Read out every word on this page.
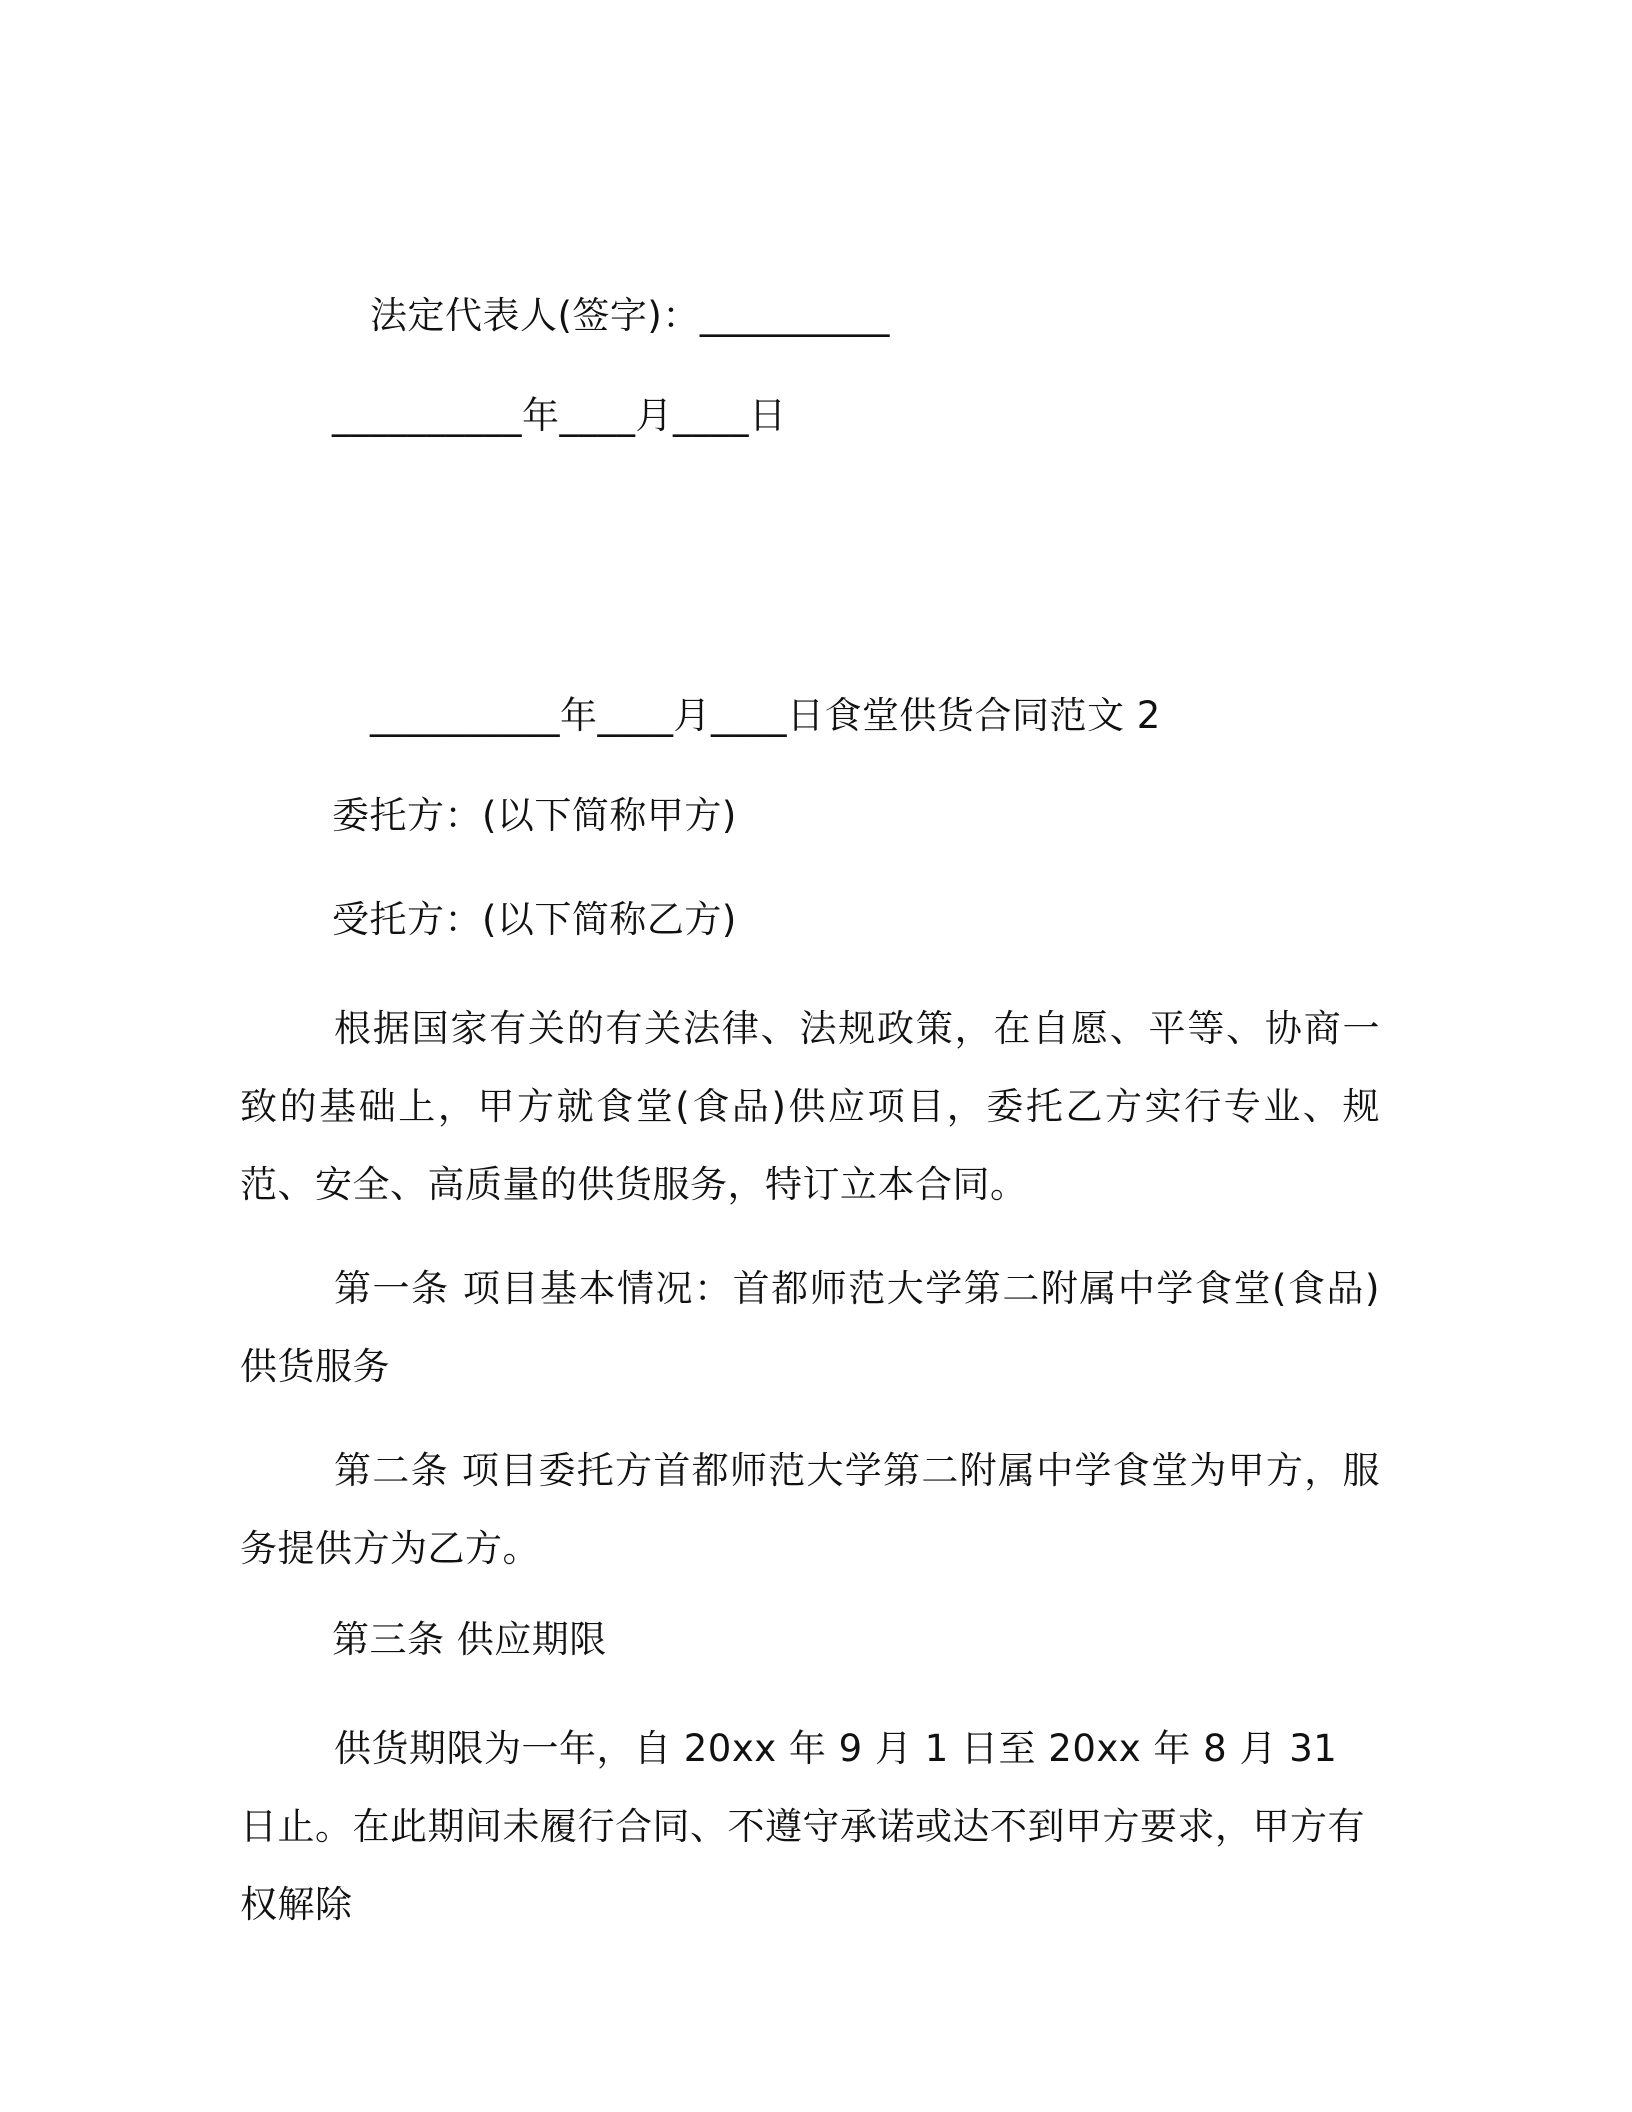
法定代表人(签字)：__________
__________年____月____日
__________年____月____日食堂供货合同范文 2
委托方：(以下简称甲方)
受托方：(以下简称乙方)
根据国家有关的有关法律、法规政策，在自愿、平等、协商一致的基础上，甲方就食堂(食品)供应项目，委托乙方实行专业、规范、安全、高质量的供货服务，特订立本合同。
第一条 项目基本情况：首都师范大学第二附属中学食堂(食品)供货服务
第二条 项目委托方首都师范大学第二附属中学食堂为甲方，服务提供方为乙方。
第三条 供应期限
供货期限为一年，自 20xx 年 9 月 1 日至 20xx 年 8 月 31 日止。在此期间未履行合同、不遵守承诺或达不到甲方要求，甲方有权解除
